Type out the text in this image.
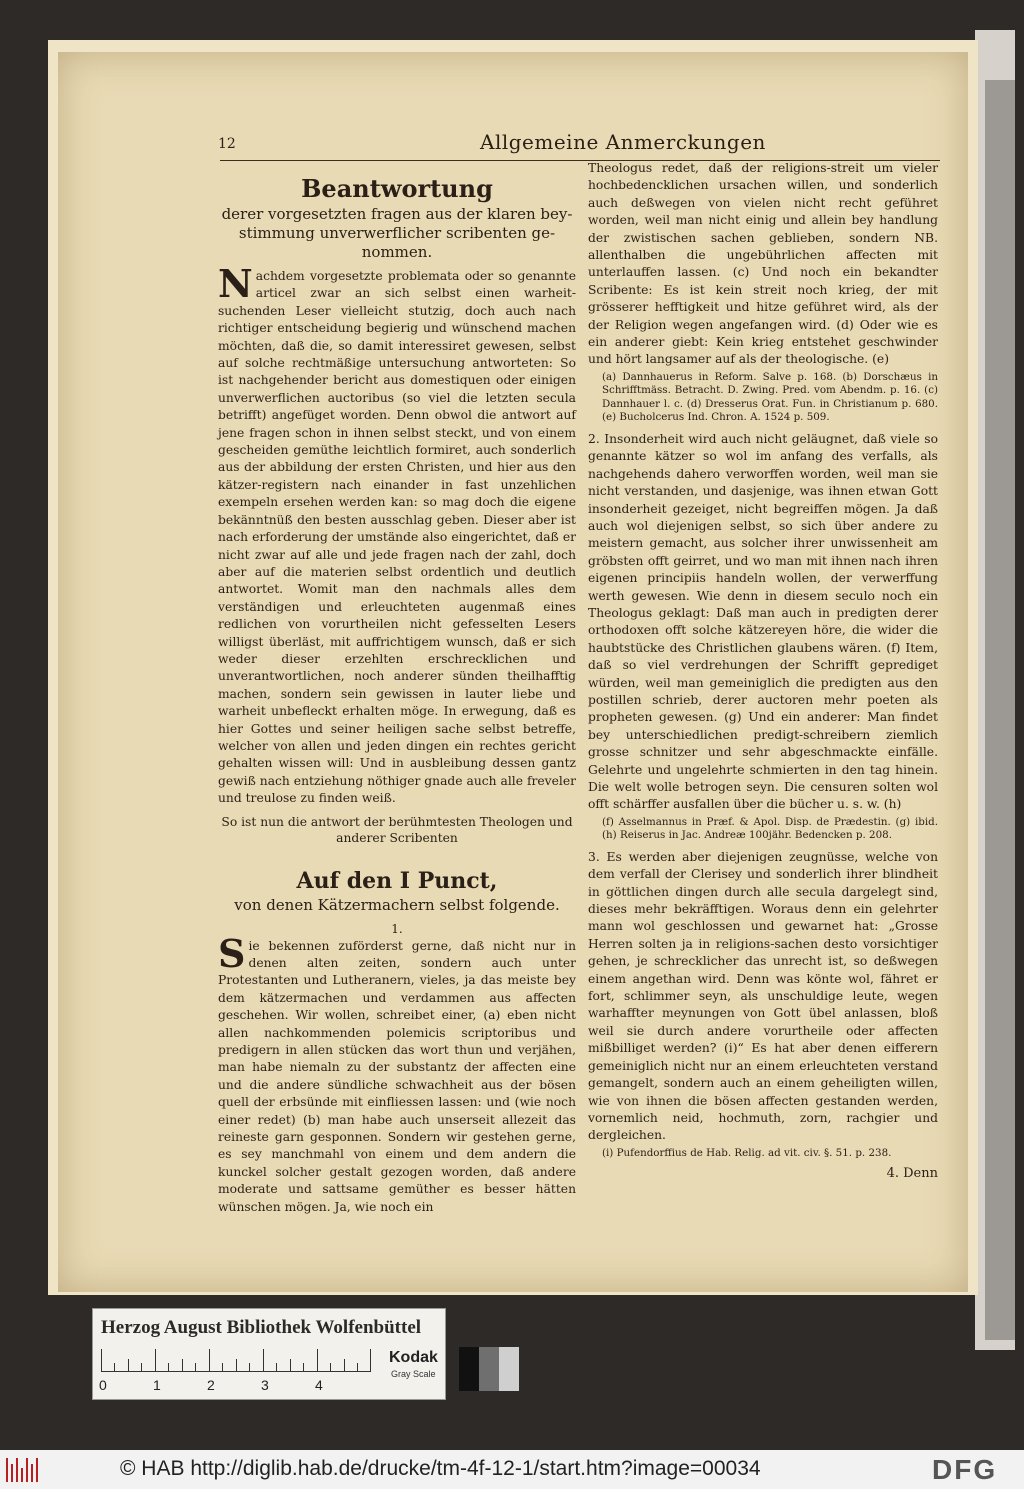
12	Allgemeine Anmerckungen
Beantwortung
derer vorgesetzten fragen aus der klaren bey-stimmung unverwerflicher scribenten ge-nommen.

Nachdem vorgesetzte problemata oder so genannte articel zwar an sich selbst einen warheit-suchenden Leser vielleicht stutzig, doch auch nach richtiger entscheidung begierig und wünschend machen möchten, daß die, so damit interessiret gewesen, selbst auf solche rechtmäßige untersuchung antworteten: So ist nachgehender bericht aus domestiquen oder einigen unverwerflichen auctoribus (so viel die letzten secula betrifft) angefüget worden. Denn obwol die antwort auf jene fragen schon in ihnen selbst steckt, und von einem gescheiden gemüthe leichtlich formiret, auch sonderlich aus der abbildung der ersten Christen, und hier aus den kätzer-registern nach einander in fast unzehlichen exempeln ersehen werden kan: so mag doch die eigene bekänntnüß den besten ausschlag geben. Dieser aber ist nach erforderung der umstände also eingerichtet, daß er nicht zwar auf alle und jede fragen nach der zahl, doch aber auf die materien selbst ordentlich und deutlich antwortet. Womit man den nachmals alles dem verständigen und erleuchteten augenmaß eines redlichen von vorurtheilen nicht gefesselten Lesers willigst überläst, mit auffrichtigem wunsch, daß er sich weder dieser erzehlten erschrecklichen und unverantwortlichen, noch anderer sünden theilhafftig machen, sondern sein gewissen in lauter liebe und warheit unbefleckt erhalten möge. In erwegung, daß es hier Gottes und seiner heiligen sache selbst betreffe, welcher von allen und jeden dingen ein rechtes gericht gehalten wissen will: Und in ausbleibung dessen gantz gewiß nach entziehung nöthiger gnade auch alle freveler und treulose zu finden weiß.

So ist nun die antwort der berühmtesten Theologen und anderer Scribenten

Auf den I Punct,
von denen Kätzermachern selbst folgende.
1.

Sie bekennen zuförderst gerne, daß nicht nur in denen alten zeiten, sondern auch unter Protestanten und Lutheranern, vieles, ja das meiste bey dem kätzermachen und verdammen aus affecten geschehen. Wir wollen, schreibet einer, (a) eben nicht allen nachkommenden polemicis scriptoribus und predigern in allen stücken das wort thun und verjähen, man habe niemaln zu der substantz der affecten eine und die andere sündliche schwachheit aus der bösen quell der erbsünde mit einfliessen lassen: und (wie noch einer redet) (b) man habe auch unserseit allezeit das reineste garn gesponnen. Sondern wir gestehen gerne, es sey manchmahl von einem und dem andern die kunckel solcher gestalt gezogen worden, daß andere moderate und sattsame gemüther es besser hätten wünschen mögen. Ja, wie noch ein

Theologus redet, daß der religions-streit um vieler hochbedencklichen ursachen willen, und sonderlich auch deßwegen von vielen nicht recht geführet worden, weil man nicht einig und allein bey handlung der zwistischen sachen geblieben, sondern NB. allenthalben die ungebührlichen affecten mit unterlauffen lassen. (c) Und noch ein bekandter Scribente: Es ist kein streit noch krieg, der mit grösserer hefftigkeit und hitze geführet wird, als der der Religion wegen angefangen wird. (d) Oder wie es ein anderer giebt: Kein krieg entstehet geschwinder und hört langsamer auf als der theologische. (e)

(a) Dannhauerus in Reform. Salve p. 168. (b) Dorschæus in Schrifftmäss. Betracht. D. Zwing. Pred. vom Abendm. p. 16. (c) Dannhauer l. c. (d) Dresserus Orat. Fun. in Christianum p. 680. (e) Bucholcerus Ind. Chron. A. 1524 p. 509.

2. Insonderheit wird auch nicht geläugnet, daß viele so genannte kätzer so wol im anfang des verfalls, als nachgehends dahero verworffen worden, weil man sie nicht verstanden, und dasjenige, was ihnen etwan Gott insonderheit gezeiget, nicht begreiffen mögen. Ja daß auch wol diejenigen selbst, so sich über andere zu meistern gemacht, aus solcher ihrer unwissenheit am gröbsten offt geirret, und wo man mit ihnen nach ihren eigenen principiis handeln wollen, der verwerffung werth gewesen. Wie denn in diesem seculo noch ein Theologus geklagt: Daß man auch in predigten derer orthodoxen offt solche kätzereyen höre, die wider die haubtstücke des Christlichen glaubens wären. (f) Item, daß so viel verdrehungen der Schrifft geprediget würden, weil man gemeiniglich die predigten aus den postillen schrieb, derer auctoren mehr poeten als propheten gewesen. (g) Und ein anderer: Man findet bey unterschiedlichen predigt-schreibern ziemlich grosse schnitzer und sehr abgeschmackte einfälle. Gelehrte und ungelehrte schmierten in den tag hinein. Die welt wolle betrogen seyn. Die censuren solten wol offt schärffer ausfallen über die bücher u. s. w. (h)

(f) Asselmannus in Præf. & Apol. Disp. de Prædestin. (g) ibid. (h) Reiserus in Jac. Andreæ 100jähr. Bedencken p. 208.

3. Es werden aber diejenigen zeugnüsse, welche von dem verfall der Clerisey und sonderlich ihrer blindheit in göttlichen dingen durch alle secula dargelegt sind, dieses mehr bekräfftigen. Woraus denn ein gelehrter mann wol geschlossen und gewarnet hat: „Grosse Herren solten ja in religions-sachen desto vorsichtiger gehen, je schrecklicher das unrecht ist, so deßwegen einem angethan wird. Denn was könte wol, fähret er fort, schlimmer seyn, als unschuldige leute, wegen warhaffter meynungen von Gott übel anlassen, bloß weil sie durch andere vorurtheile oder affecten mißbilliget werden? (i)“ Es hat aber denen eifferern gemeiniglich nicht nur an einem erleuchteten verstand gemangelt, sondern auch an einem geheiligten willen, wie von ihnen die bösen affecten gestanden werden, vornemlich neid, hochmuth, zorn, rachgier und dergleichen.

(i) Pufendorffius de Hab. Relig. ad vit. civ. §. 51. p. 238.

4. Denn
Herzog August Bibliothek Wolfenbüttel
0	1	2	3	4
Kodak
Gray Scale
© HAB http://diglib.hab.de/drucke/tm-4f-12-1/start.htm?image=00034	DFG
